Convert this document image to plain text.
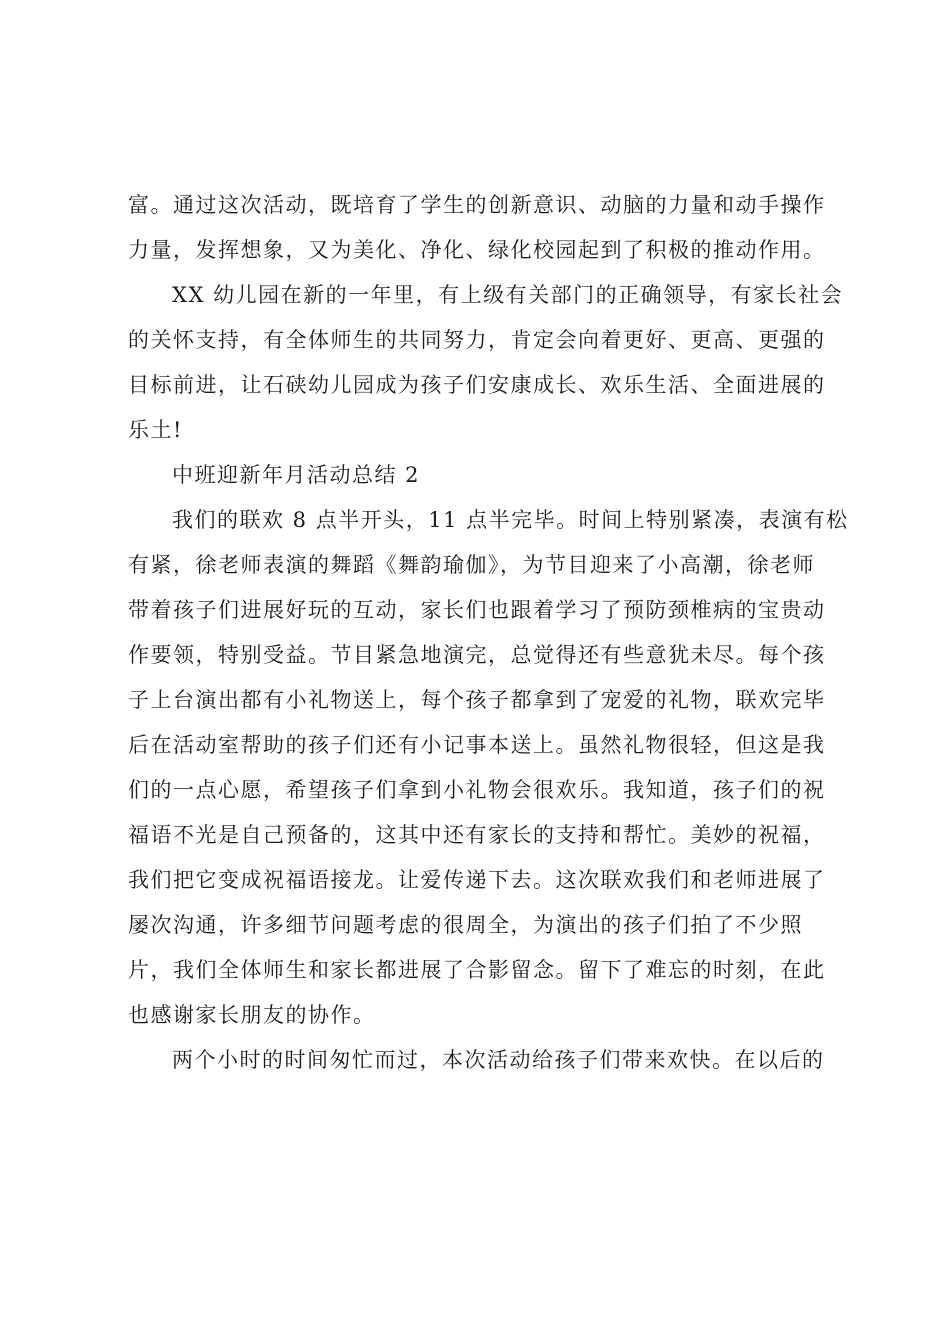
富。通过这次活动，既培育了学生的创新意识、动脑的力量和动手操作
力量，发挥想象，又为美化、净化、绿化校园起到了积极的推动作用。
XX 幼儿园在新的一年里，有上级有关部门的正确领导，有家长社会
的关怀支持，有全体师生的共同努力，肯定会向着更好、更高、更强的
目标前进，让石硖幼儿园成为孩子们安康成长、欢乐生活、全面进展的
乐土!
中班迎新年月活动总结 2
我们的联欢 8 点半开头，11 点半完毕。时间上特别紧凑，表演有松
有紧，徐老师表演的舞蹈《舞韵瑜伽》，为节目迎来了小高潮，徐老师
带着孩子们进展好玩的互动，家长们也跟着学习了预防颈椎病的宝贵动
作要领，特别受益。节目紧急地演完，总觉得还有些意犹未尽。每个孩
子上台演出都有小礼物送上，每个孩子都拿到了宠爱的礼物，联欢完毕
后在活动室帮助的孩子们还有小记事本送上。虽然礼物很轻，但这是我
们的一点心愿，希望孩子们拿到小礼物会很欢乐。我知道，孩子们的祝
福语不光是自己预备的，这其中还有家长的支持和帮忙。美妙的祝福，
我们把它变成祝福语接龙。让爱传递下去。这次联欢我们和老师进展了
屡次沟通，许多细节问题考虑的很周全，为演出的孩子们拍了不少照
片，我们全体师生和家长都进展了合影留念。留下了难忘的时刻，在此
也感谢家长朋友的协作。
两个小时的时间匆忙而过，本次活动给孩子们带来欢快。在以后的
